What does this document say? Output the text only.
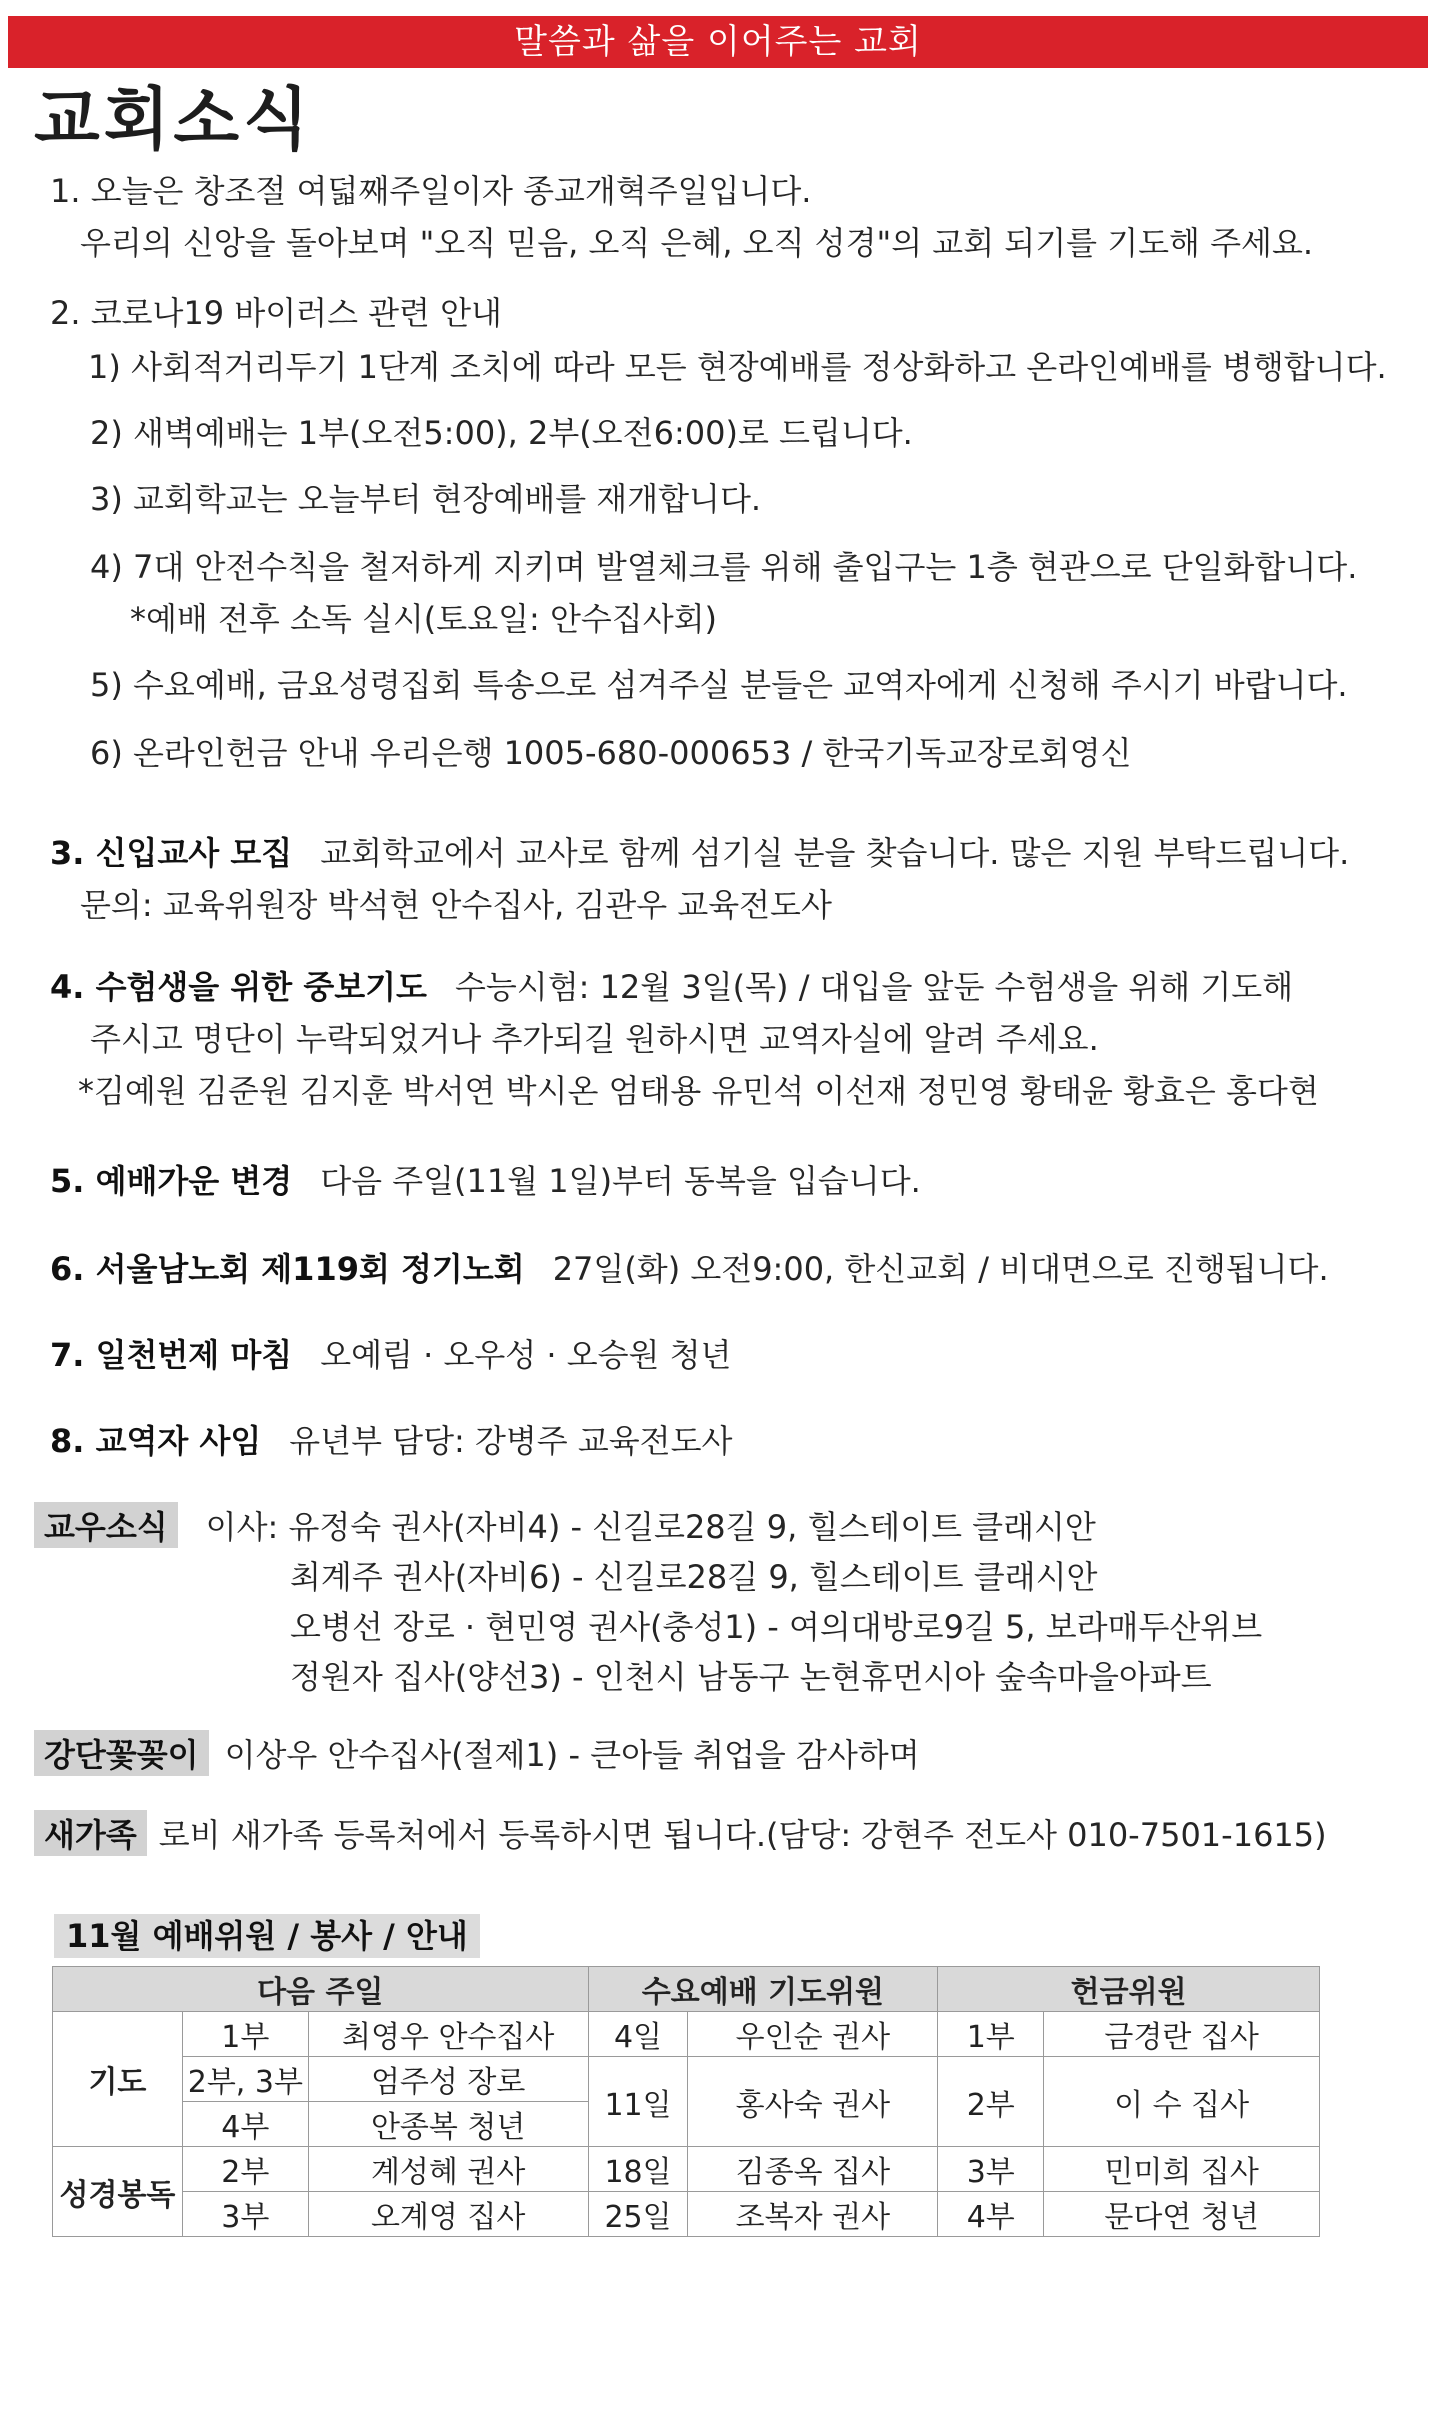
말씀과 삶을 이어주는 교회
교회소식
1. 오늘은 창조절 여덟째주일이자 종교개혁주일입니다.
우리의 신앙을 돌아보며 "오직 믿음, 오직 은혜, 오직 성경"의 교회 되기를 기도해 주세요.
2. 코로나19 바이러스 관련 안내
1) 사회적거리두기 1단계 조치에 따라 모든 현장예배를 정상화하고 온라인예배를 병행합니다.
2) 새벽예배는 1부(오전5:00), 2부(오전6:00)로 드립니다.
3) 교회학교는 오늘부터 현장예배를 재개합니다.
4) 7대 안전수칙을 철저하게 지키며 발열체크를 위해 출입구는 1층 현관으로 단일화합니다.
*예배 전후 소독 실시(토요일: 안수집사회)
5) 수요예배, 금요성령집회 특송으로 섬겨주실 분들은 교역자에게 신청해 주시기 바랍니다.
6) 온라인헌금 안내 우리은행 1005-680-000653 / 한국기독교장로회영신
3. 신입교사 모집 교회학교에서 교사로 함께 섬기실 분을 찾습니다. 많은 지원 부탁드립니다.
문의: 교육위원장 박석현 안수집사, 김관우 교육전도사
4. 수험생을 위한 중보기도 수능시험: 12월 3일(목) / 대입을 앞둔 수험생을 위해 기도해
주시고 명단이 누락되었거나 추가되길 원하시면 교역자실에 알려 주세요.
*김예원 김준원 김지훈 박서연 박시온 엄태용 유민석 이선재 정민영 황태윤 황효은 홍다현
5. 예배가운 변경 다음 주일(11월 1일)부터 동복을 입습니다.
6. 서울남노회 제119회 정기노회 27일(화) 오전9:00, 한신교회 / 비대면으로 진행됩니다.
7. 일천번제 마침 오예림 · 오우성 · 오승원 청년
8. 교역자 사임 유년부 담당: 강병주 교육전도사
교우소식 이사: 유정숙 권사(자비4) - 신길로28길 9, 힐스테이트 클래시안
최계주 권사(자비6) - 신길로28길 9, 힐스테이트 클래시안
오병선 장로 · 현민영 권사(충성1) - 여의대방로9길 5, 보라매두산위브
정원자 집사(양선3) - 인천시 남동구 논현휴먼시아 숲속마을아파트
강단꽃꽂이 이상우 안수집사(절제1) - 큰아들 취업을 감사하며
새가족 로비 새가족 등록처에서 등록하시면 됩니다.(담당: 강현주 전도사 010-7501-1615)
11월 예배위원 / 봉사 / 안내
다음 주일			수요예배 기도위원		헌금위원	
기도	1부	최영우 안수집사	4일	우인순 권사	1부	금경란 집사
	2부, 3부	엄주성 장로	11일	홍사숙 권사	2부	이 수 집사
	4부	안종복 청년				
성경봉독	2부	계성혜 권사	18일	김종옥 집사	3부	민미희 집사
	3부	오계영 집사	25일	조복자 권사	4부	문다연 청년
